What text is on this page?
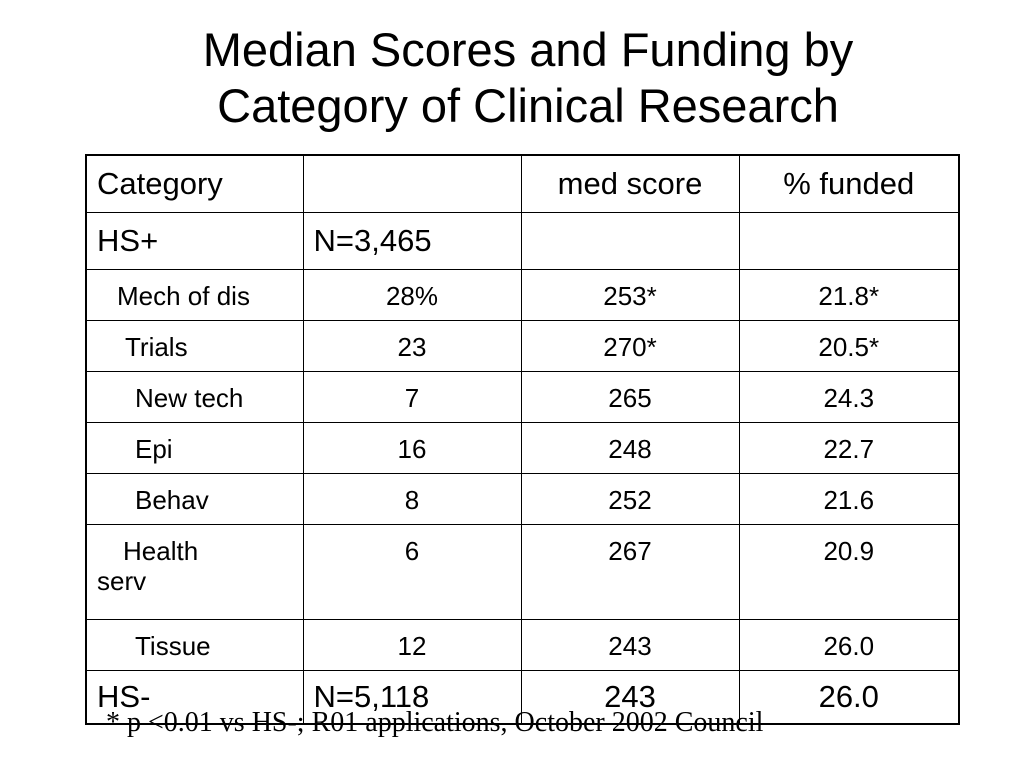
Median Scores and Funding by
Category of Clinical Research
Category		med score	% funded
HS+	N=3,465		
Mech of dis	28%	253*	21.8*
Trials	23	270*	20.5*
New tech	7	265	24.3
Epi	16	248	22.7
Behav	8	252	21.6

Health
serv	6	267	20.9
Tissue	12	243	26.0
HS-	N=5,118	243	26.0
* p <0.01 vs HS-; R01 applications, October 2002 Council
